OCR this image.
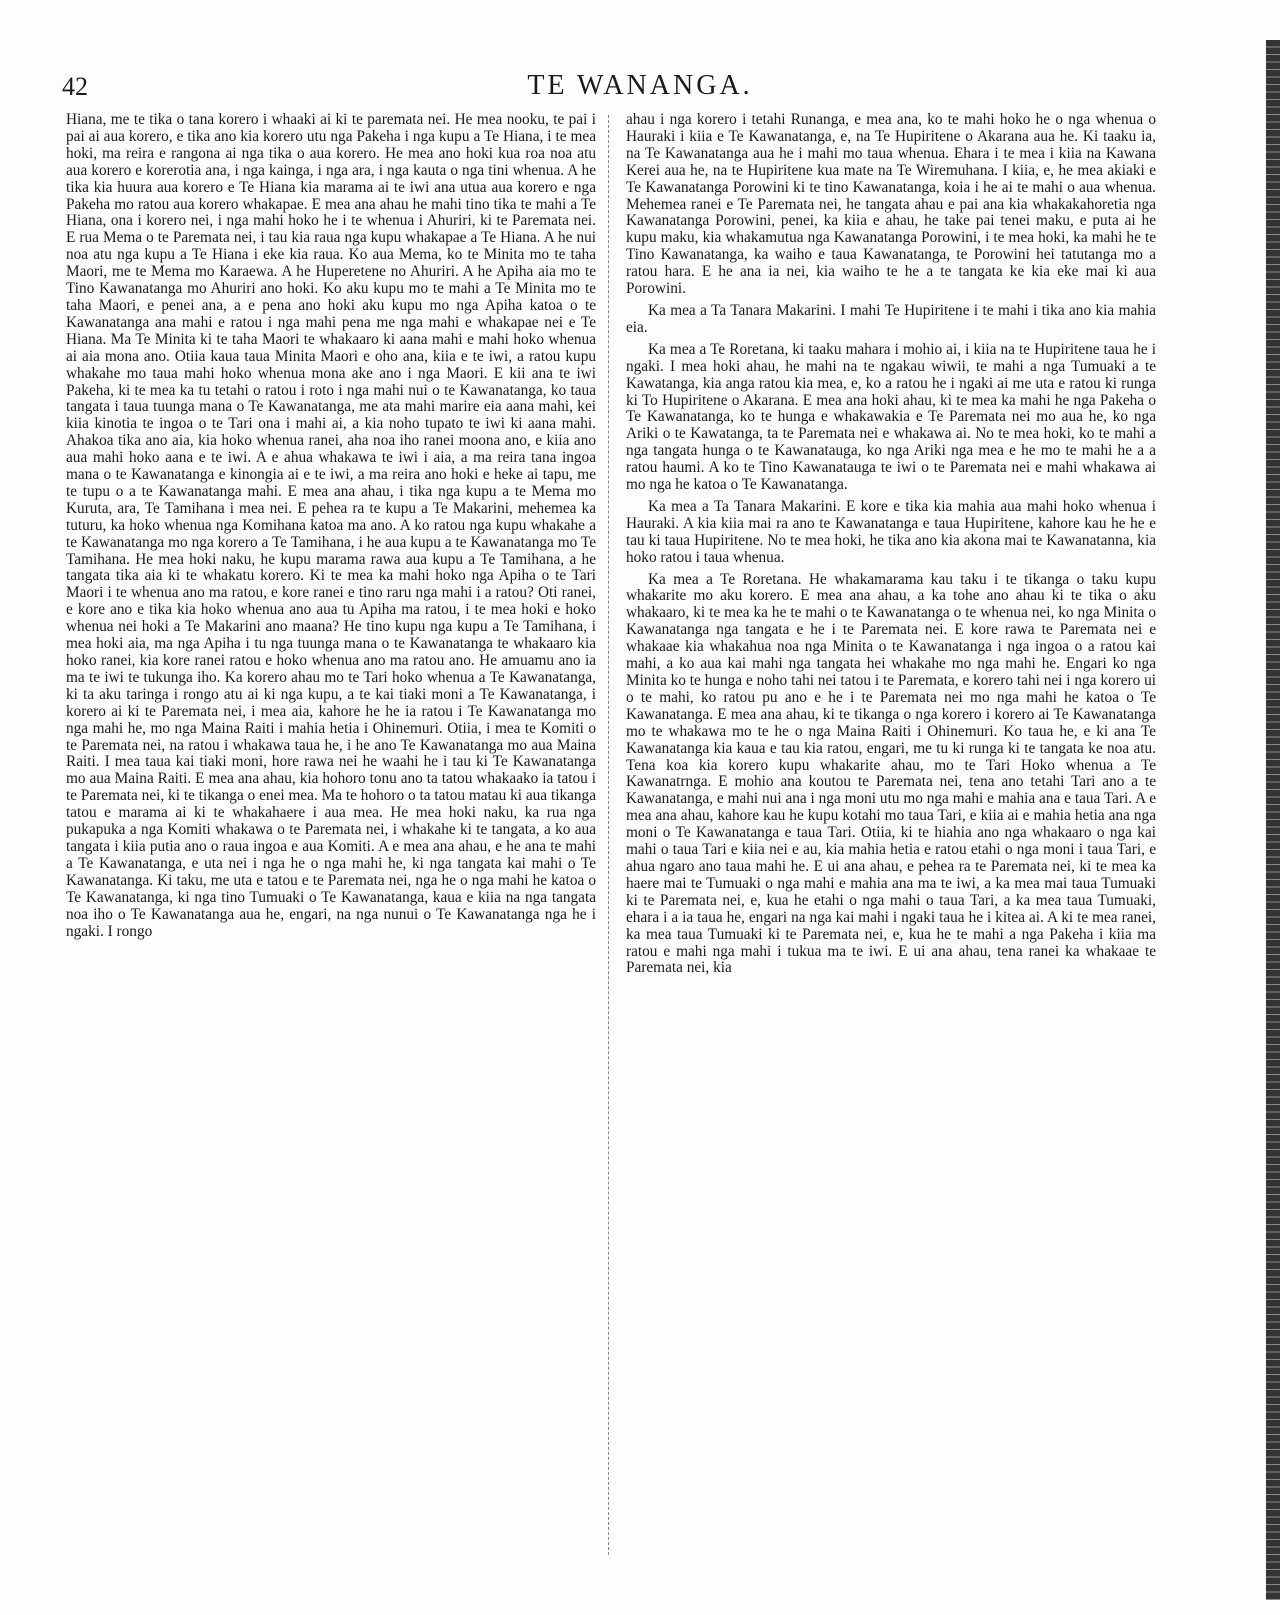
42	TE WANANGA.

Hiana, me te tika o tana korero i whaaki ai ki te paremata nei. He mea nooku, te pai i pai ai aua korero, e tika ano kia korero utu nga Pakeha i nga kupu a Te Hiana, i te mea hoki, ma reira e rangona ai nga tika o aua korero. He mea ano hoki kua roa noa atu aua korero e korerotia ana, i nga kainga, i nga ara, i nga kauta o nga tini whenua. A he tika kia huura aua korero e Te Hiana kia marama ai te iwi ana utua aua korero e nga Pakeha mo ratou aua korero whakapae. E mea ana ahau he mahi tino tika te mahi a Te Hiana, ona i korero nei, i nga mahi hoko he i te whenua i Ahuriri, ki te Paremata nei. E rua Mema o te Paremata nei, i tau kia raua nga kupu whakapae a Te Hiana. A he nui noa atu nga kupu a Te Hiana i eke kia raua. Ko aua Mema, ko te Minita mo te taha Maori, me te Mema mo Karaewa. A he Huperetene no Ahuriri. A he Apiha aia mo te Tino Kawanatanga mo Ahuriri ano hoki. Ko aku kupu mo te mahi a Te Minita mo te taha Maori, e penei ana, a e pena ano hoki aku kupu mo nga Apiha katoa o te Kawanatanga ana mahi e ratou i nga mahi pena me nga mahi e whakapae nei e Te Hiana. Ma Te Minita ki te taha Maori te whakaaro ki aana mahi e mahi hoko whenua ai aia mona ano. Otiia kaua taua Minita Maori e oho ana, kiia e te iwi, a ratou kupu whakahe mo taua mahi hoko whenua mona ake ano i nga Maori. E kii ana te iwi Pakeha, ki te mea ka tu tetahi o ratou i roto i nga mahi nui o te Kawanatanga, ko taua tangata i taua tuunga mana o Te Kawanatanga, me ata mahi marire eia aana mahi, kei kiia kinotia te ingoa o te Tari ona i mahi ai, a kia noho tupato te iwi ki aana mahi. Ahakoa tika ano aia, kia hoko whenua ranei, aha noa iho ranei moona ano, e kiia ano aua mahi hoko aana e te iwi. A e ahua whakawa te iwi i aia, a ma reira tana ingoa mana o te Kawanatanga e kinongia ai e te iwi, a ma reira ano hoki e heke ai tapu, me te tupu o a te Kawanatanga mahi. E mea ana ahau, i tika nga kupu a te Mema mo Kuruta, ara, Te Tamihana i mea nei. E pehea ra te kupu a Te Makarini, mehemea ka tuturu, ka hoko whenua nga Komihana katoa ma ano. A ko ratou nga kupu whakahe a te Kawanatanga mo nga korero a Te Tamihana, i he aua kupu a te Kawanatanga mo Te Tamihana. He mea hoki naku, he kupu marama rawa aua kupu a Te Tamihana, a he tangata tika aia ki te whakatu korero. Ki te mea ka mahi hoko nga Apiha o te Tari Maori i te whenua ano ma ratou, e kore ranei e tino raru nga mahi i a ratou? Oti ranei, e kore ano e tika kia hoko whenua ano aua tu Apiha ma ratou, i te mea hoki e hoko whenua nei hoki a Te Makarini ano maana? He tino kupu nga kupu a Te Tamihana, i mea hoki aia, ma nga Apiha i tu nga tuunga mana o te Kawanatanga te whakaaro kia hoko ranei, kia kore ranei ratou e hoko whenua ano ma ratou ano. He amuamu ano ia ma te iwi te tukunga iho. Ka korero ahau mo te Tari hoko whenua a Te Kawanatanga, ki ta aku taringa i rongo atu ai ki nga kupu, a te kai tiaki moni a Te Kawanatanga, i korero ai ki te Paremata nei, i mea aia, kahore he he ia ratou i Te Kawanatanga mo nga mahi he, mo nga Maina Raiti i mahia hetia i Ohinemuri. Otiia, i mea te Komiti o te Paremata nei, na ratou i whakawa taua he, i he ano Te Kawanatanga mo aua Maina Raiti. I mea taua kai tiaki moni, hore rawa nei he waahi he i tau ki Te Kawanatanga mo aua Maina Raiti. E mea ana ahau, kia hohoro tonu ano ta tatou whakaako ia tatou i te Paremata nei, ki te tikanga o enei mea. Ma te hohoro o ta tatou matau ki aua tikanga tatou e marama ai ki te whakahaere i aua mea. He mea hoki naku, ka rua nga pukapuka a nga Komiti whakawa o te Paremata nei, i whakahe ki te tangata, a ko aua tangata i kiia putia ano o raua ingoa e aua Komiti. A e mea ana ahau, e he ana te mahi a Te Kawanatanga, e uta nei i nga he o nga mahi he, ki nga tangata kai mahi o Te Kawanatanga. Ki taku, me uta e tatou e te Paremata nei, nga he o nga mahi he katoa o Te Kawanatanga, ki nga tino Tumuaki o Te Kawanatanga, kaua e kiia na nga tangata noa iho o Te Kawanatanga aua he, engari, na nga nunui o Te Kawanatanga nga he i ngaki. I rongo

ahau i nga korero i tetahi Runanga, e mea ana, ko te mahi hoko he o nga whenua o Hauraki i kiia e Te Kawanatanga, e, na Te Hupiritene o Akarana aua he. Ki taaku ia, na Te Kawanatanga aua he i mahi mo taua whenua. Ehara i te mea i kiia na Kawana Kerei aua he, na te Hupiritene kua mate na Te Wiremuhana. I kiia, e, he mea akiaki e Te Kawanatanga Porowini ki te tino Kawanatanga, koia i he ai te mahi o aua whenua. Mehemea ranei e Te Paremata nei, he tangata ahau e pai ana kia whakakahoretia nga Kawanatanga Porowini, penei, ka kiia e ahau, he take pai tenei maku, e puta ai he kupu maku, kia whakamutua nga Kawanatanga Porowini, i te mea hoki, ka mahi he te Tino Kawanatanga, ka waiho e taua Kawanatanga, te Porowini hei tatutanga mo a ratou hara. E he ana ia nei, kia waiho te he a te tangata ke kia eke mai ki aua Porowini.

Ka mea a Ta Tanara Makarini. I mahi Te Hupiritene i te mahi i tika ano kia mahia eia.

Ka mea a Te Roretana, ki taaku mahara i mohio ai, i kiia na te Hupiritene taua he i ngaki. I mea hoki ahau, he mahi na te ngakau wiwii, te mahi a nga Tumuaki a te Kawatanga, kia anga ratou kia mea, e, ko a ratou he i ngaki ai me uta e ratou ki runga ki To Hupiritene o Akarana. E mea ana hoki ahau, ki te mea ka mahi he nga Pakeha o Te Kawanatanga, ko te hunga e whakawakia e Te Paremata nei mo aua he, ko nga Ariki o te Kawatanga, ta te Paremata nei e whakawa ai. No te mea hoki, ko te mahi a nga tangata hunga o te Kawanatauga, ko nga Ariki nga mea e he mo te mahi he a a ratou haumi. A ko te Tino Kawanatauga te iwi o te Paremata nei e mahi whakawa ai mo nga he katoa o Te Kawanatanga.

Ka mea a Ta Tanara Makarini. E kore e tika kia mahia aua mahi hoko whenua i Hauraki. A kia kiia mai ra ano te Kawanatanga e taua Hupiritene, kahore kau he he e tau ki taua Hupiritene. No te mea hoki, he tika ano kia akona mai te Kawanatanna, kia hoko ratou i taua whenua.

Ka mea a Te Roretana. He whakamarama kau taku i te tikanga o taku kupu whakarite mo aku korero. E mea ana ahau, a ka tohe ano ahau ki te tika o aku whakaaro, ki te mea ka he te mahi o te Kawanatanga o te whenua nei, ko nga Minita o Kawanatanga nga tangata e he i te Paremata nei. E kore rawa te Paremata nei e whakaae kia whakahua noa nga Minita o te Kawanatanga i nga ingoa o a ratou kai mahi, a ko aua kai mahi nga tangata hei whakahe mo nga mahi he. Engari ko nga Minita ko te hunga e noho tahi nei tatou i te Paremata, e korero tahi nei i nga korero ui o te mahi, ko ratou pu ano e he i te Paremata nei mo nga mahi he katoa o Te Kawanatanga. E mea ana ahau, ki te tikanga o nga korero i korero ai Te Kawanatanga mo te whakawa mo te he o nga Maina Raiti i Ohinemuri. Ko taua he, e ki ana Te Kawanatanga kia kaua e tau kia ratou, engari, me tu ki runga ki te tangata ke noa atu. Tena koa kia korero kupu whakarite ahau, mo te Tari Hoko whenua a Te Kawanatrnga. E mohio ana koutou te Paremata nei, tena ano tetahi Tari ano a te Kawanatanga, e mahi nui ana i nga moni utu mo nga mahi e mahia ana e taua Tari. A e mea ana ahau, kahore kau he kupu kotahi mo taua Tari, e kiia ai e mahia hetia ana nga moni o Te Kawanatanga e taua Tari. Otiia, ki te hiahia ano nga whakaaro o nga kai mahi o taua Tari e kiia nei e au, kia mahia hetia e ratou etahi o nga moni i taua Tari, e ahua ngaro ano taua mahi he. E ui ana ahau, e pehea ra te Paremata nei, ki te mea ka haere mai te Tumuaki o nga mahi e mahia ana ma te iwi, a ka mea mai taua Tumuaki ki te Paremata nei, e, kua he etahi o nga mahi o taua Tari, a ka mea taua Tumuaki, ehara i a ia taua he, engari na nga kai mahi i ngaki taua he i kitea ai. A ki te mea ranei, ka mea taua Tumuaki ki te Paremata nei, e, kua he te mahi a nga Pakeha i kiia ma ratou e mahi nga mahi i tukua ma te iwi. E ui ana ahau, tena ranei ka whakaae te Paremata nei, kia
